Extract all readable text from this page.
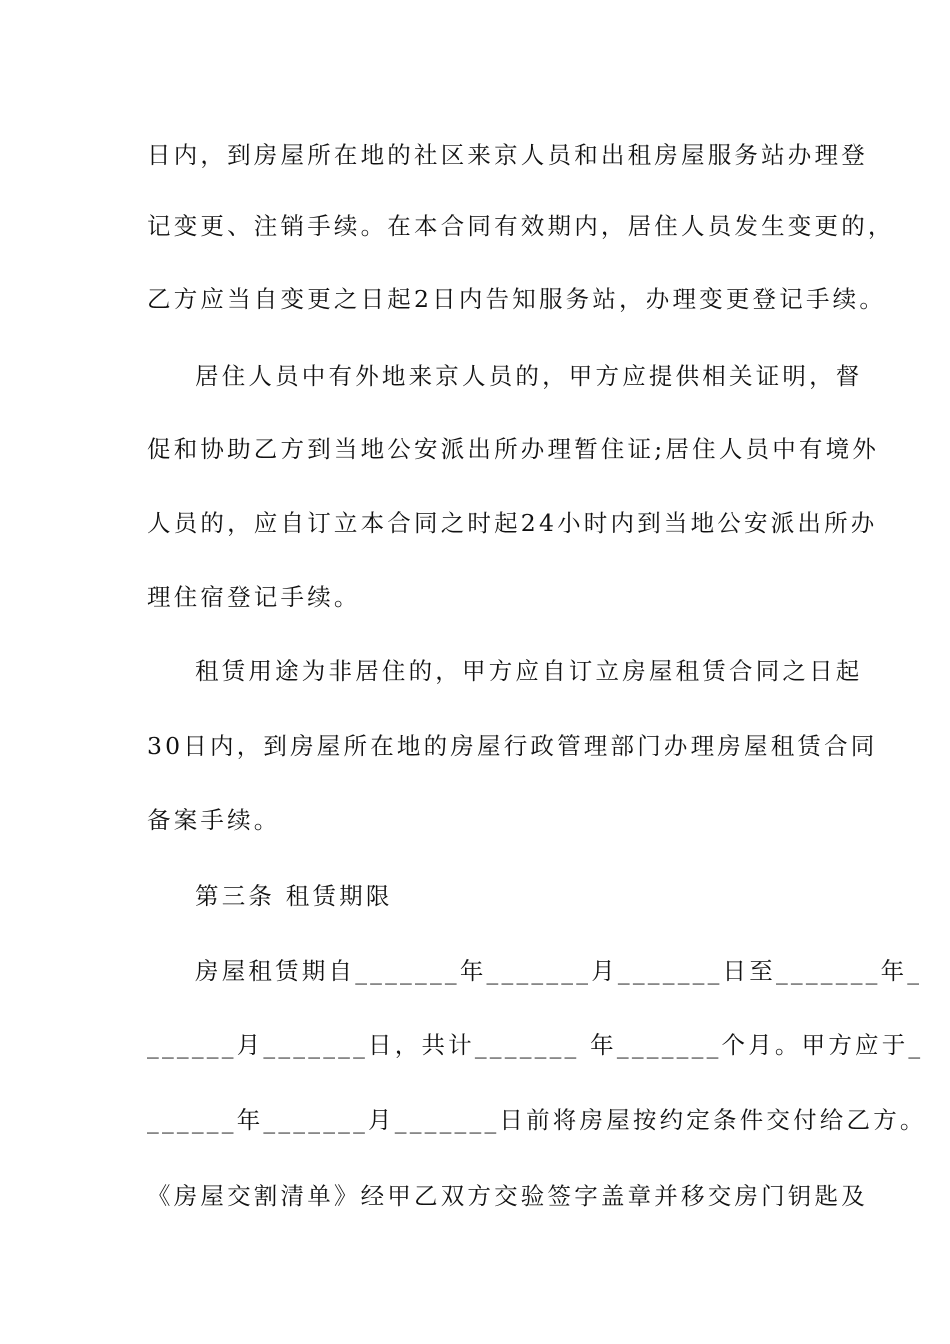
日内，到房屋所在地的社区来京人员和出租房屋服务站办理登
记变更、注销手续。在本合同有效期内，居住人员发生变更的，
乙方应当自变更之日起2日内告知服务站，办理变更登记手续。
居住人员中有外地来京人员的，甲方应提供相关证明，督
促和协助乙方到当地公安派出所办理暂住证;居住人员中有境外
人员的，应自订立本合同之时起24小时内到当地公安派出所办
理住宿登记手续。
租赁用途为非居住的，甲方应自订立房屋租赁合同之日起
30日内，到房屋所在地的房屋行政管理部门办理房屋租赁合同
备案手续。
第三条 租赁期限
房屋租赁期自_______年_______月_______日至_______年_
______月_______日，共计_______ 年_______个月。甲方应于_
______年_______月_______日前将房屋按约定条件交付给乙方。
《房屋交割清单》经甲乙双方交验签字盖章并移交房门钥匙及
